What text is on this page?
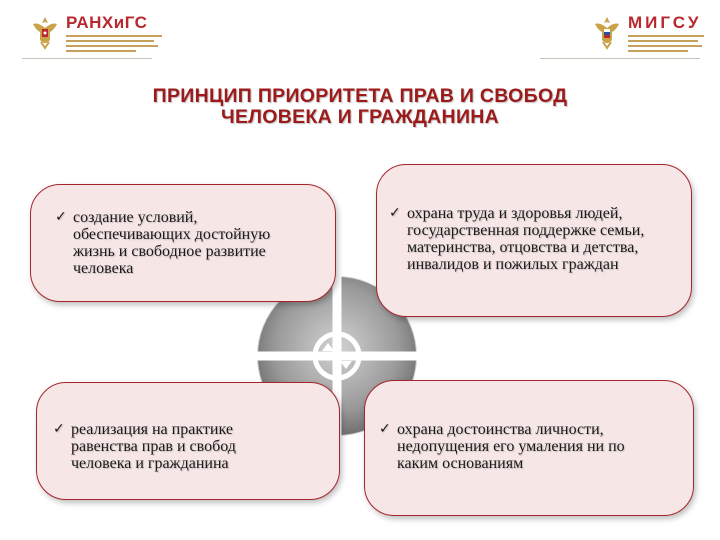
РАНХиГС	МИГСУ
ПРИНЦИП ПРИОРИТЕТА ПРАВ И СВОБОД
ЧЕЛОВЕКА И ГРАЖДАНИНА
✓ создание условий,
обеспечивающих достойную
жизнь и свободное развитие
человека
✓ охрана труда и здоровья людей,
государственная поддержке семьи,
материнства, отцовства и детства,
инвалидов и пожилых граждан
✓ реализация на практике
равенства прав и свобод
человека и гражданина
✓ охрана достоинства личности,
недопущения его умаления ни по
каким основаниям
